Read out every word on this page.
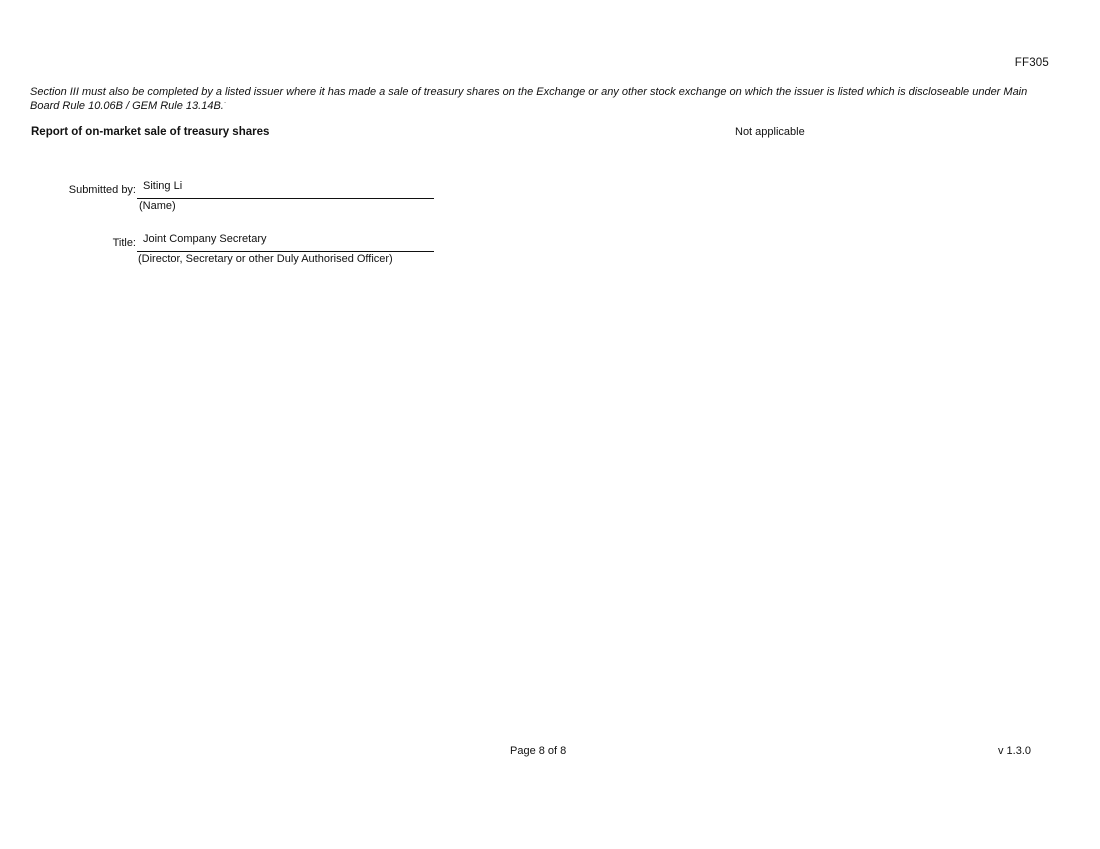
FF305
Section III must also be completed by a listed issuer where it has made a sale of treasury shares on the Exchange or any other stock exchange on which the issuer is listed which is discloseable under Main Board Rule 10.06B / GEM Rule 13.14B.·
Report of on-market sale of treasury shares	Not applicable
Submitted by: Siting Li
(Name)
Title: Joint Company Secretary
(Director, Secretary or other Duly Authorised Officer)
Page 8 of 8	v 1.3.0
